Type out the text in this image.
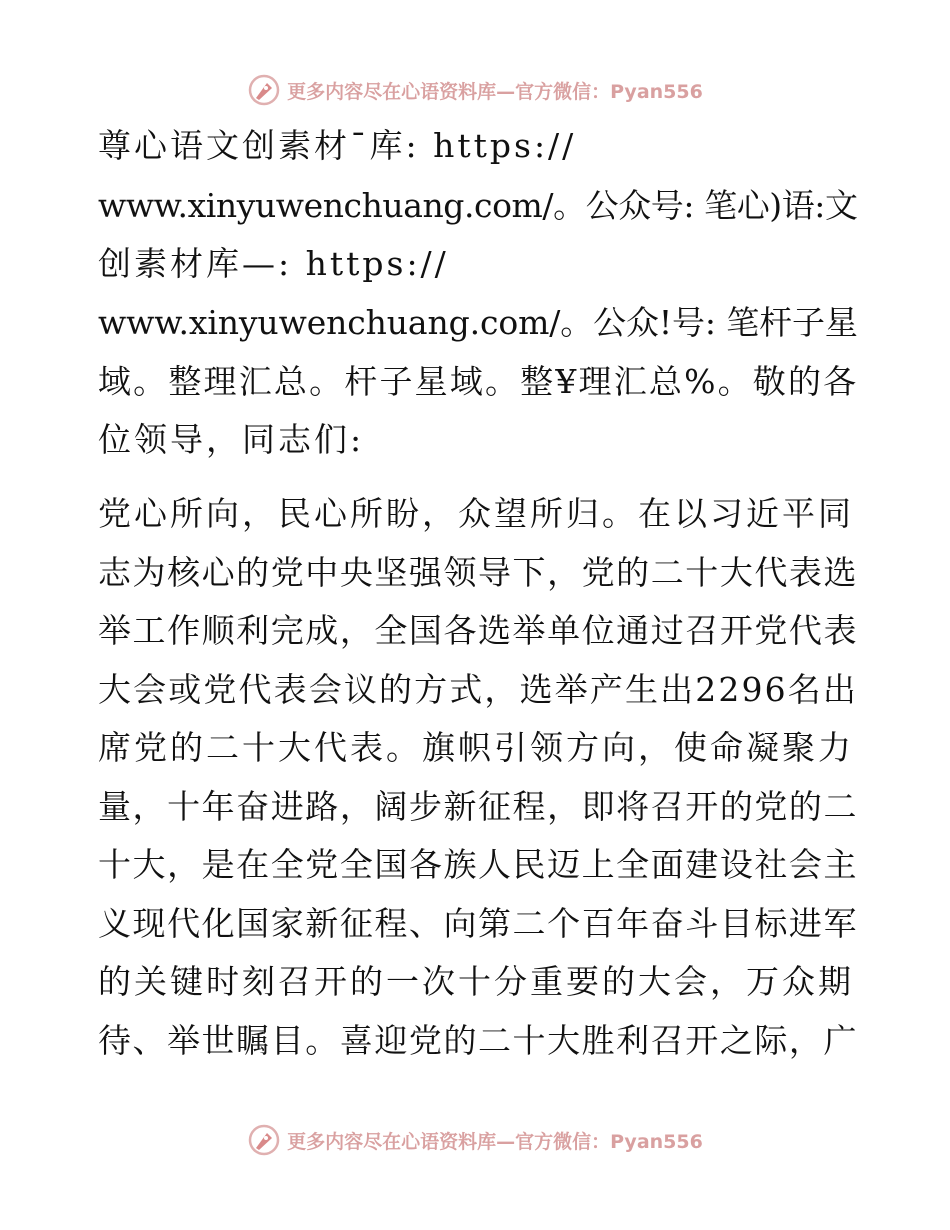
更多内容尽在心语资料库—官方微信：Pyan556
尊心语文创素材¯库: https://
www.xinyuwenchuang.com/。公众号: 笔心)语:文
创素材库—: https://
www.xinyuwenchuang.com/。公众!号: 笔杆子星
域。整理汇总。杆子星域。整¥理汇总%。敬的各
位领导，同志们:
党心所向，民心所盼，众望所归。在以习近平同
志为核心的党中央坚强领导下，党的二十大代表选
举工作顺利完成，全国各选举单位通过召开党代表
大会或党代表会议的方式，选举产生出2296名出
席党的二十大代表。旗帜引领方向，使命凝聚力
量，十年奋进路，阔步新征程，即将召开的党的二
十大，是在全党全国各族人民迈上全面建设社会主
义现代化国家新征程、向第二个百年奋斗目标进军
的关键时刻召开的一次十分重要的大会，万众期
待、举世瞩目。喜迎党的二十大胜利召开之际，广
更多内容尽在心语资料库—官方微信：Pyan556
